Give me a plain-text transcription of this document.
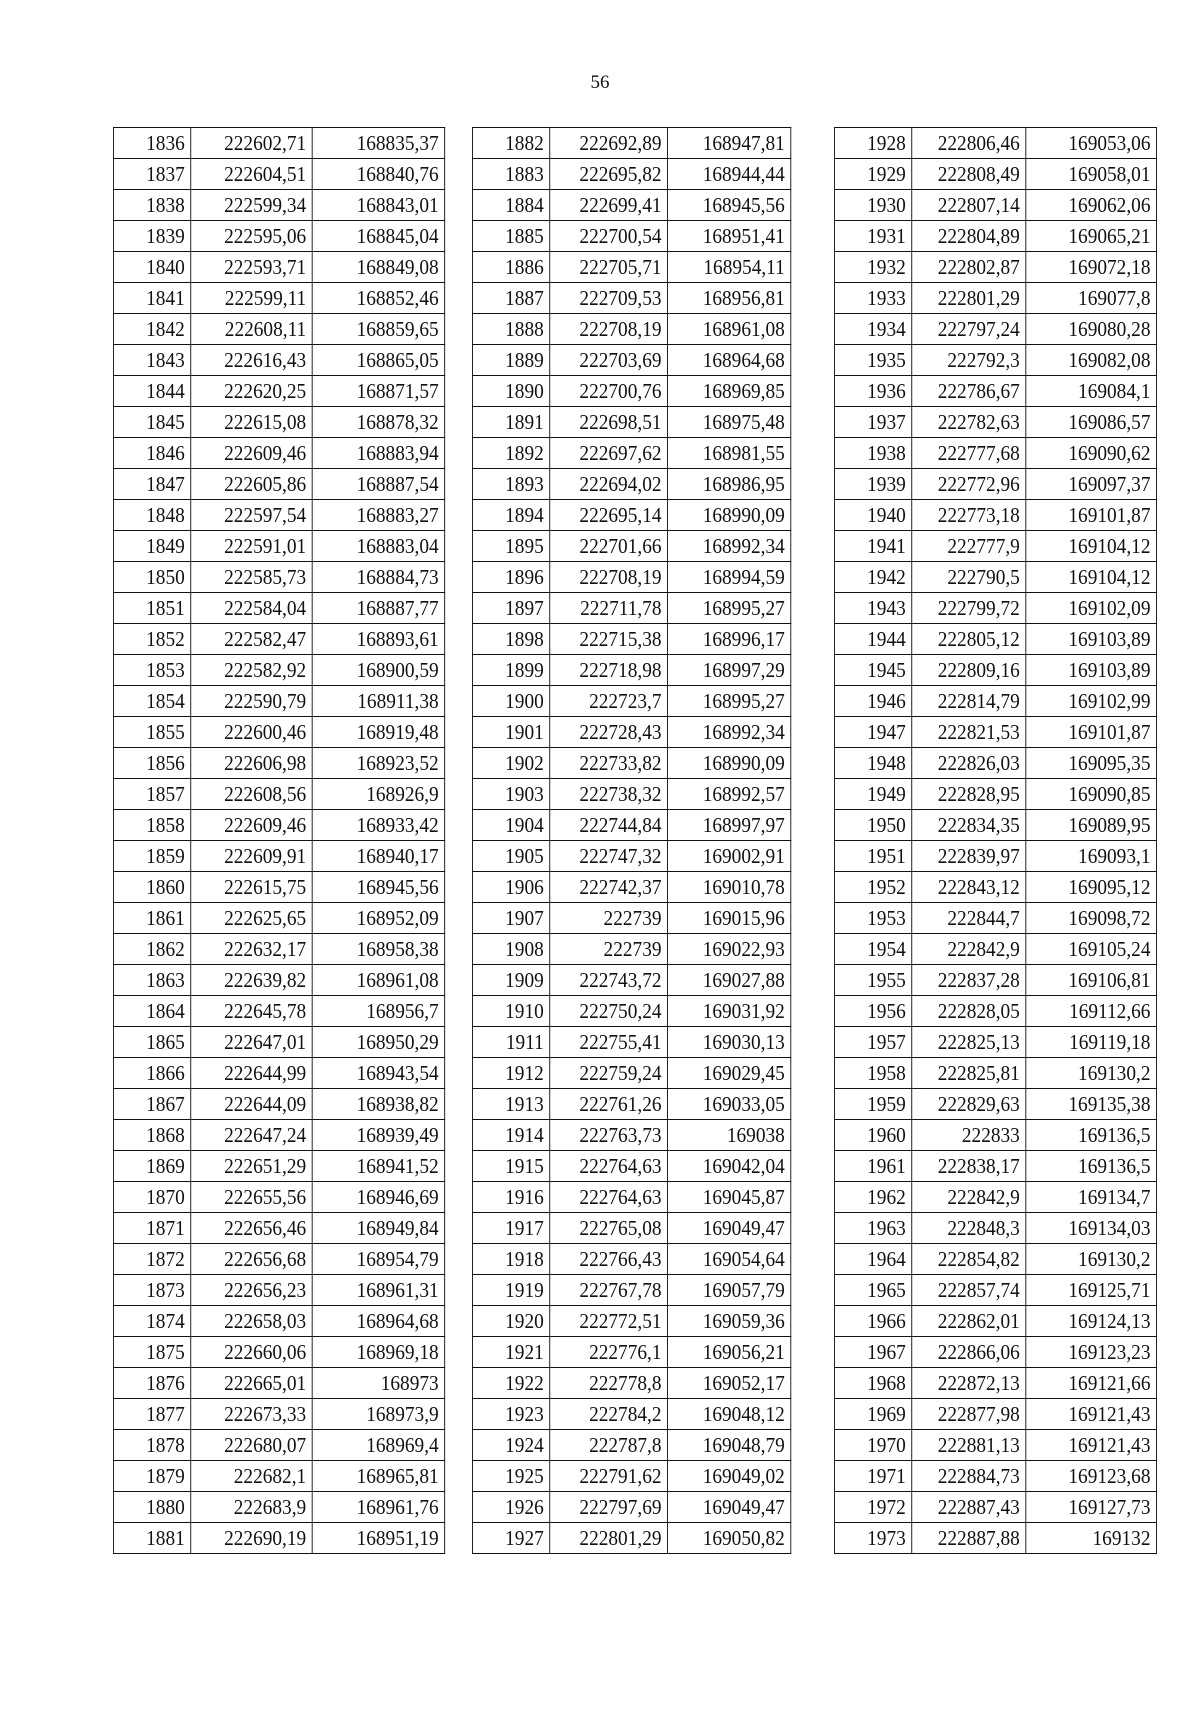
56
1836	222602,71	168835,37
1837	222604,51	168840,76
1838	222599,34	168843,01
1839	222595,06	168845,04
1840	222593,71	168849,08
1841	222599,11	168852,46
1842	222608,11	168859,65
1843	222616,43	168865,05
1844	222620,25	168871,57
1845	222615,08	168878,32
1846	222609,46	168883,94
1847	222605,86	168887,54
1848	222597,54	168883,27
1849	222591,01	168883,04
1850	222585,73	168884,73
1851	222584,04	168887,77
1852	222582,47	168893,61
1853	222582,92	168900,59
1854	222590,79	168911,38
1855	222600,46	168919,48
1856	222606,98	168923,52
1857	222608,56	168926,9
1858	222609,46	168933,42
1859	222609,91	168940,17
1860	222615,75	168945,56
1861	222625,65	168952,09
1862	222632,17	168958,38
1863	222639,82	168961,08
1864	222645,78	168956,7
1865	222647,01	168950,29
1866	222644,99	168943,54
1867	222644,09	168938,82
1868	222647,24	168939,49
1869	222651,29	168941,52
1870	222655,56	168946,69
1871	222656,46	168949,84
1872	222656,68	168954,79
1873	222656,23	168961,31
1874	222658,03	168964,68
1875	222660,06	168969,18
1876	222665,01	168973
1877	222673,33	168973,9
1878	222680,07	168969,4
1879	222682,1	168965,81
1880	222683,9	168961,76
1881	222690,19	168951,19
1882	222692,89	168947,81
1883	222695,82	168944,44
1884	222699,41	168945,56
1885	222700,54	168951,41
1886	222705,71	168954,11
1887	222709,53	168956,81
1888	222708,19	168961,08
1889	222703,69	168964,68
1890	222700,76	168969,85
1891	222698,51	168975,48
1892	222697,62	168981,55
1893	222694,02	168986,95
1894	222695,14	168990,09
1895	222701,66	168992,34
1896	222708,19	168994,59
1897	222711,78	168995,27
1898	222715,38	168996,17
1899	222718,98	168997,29
1900	222723,7	168995,27
1901	222728,43	168992,34
1902	222733,82	168990,09
1903	222738,32	168992,57
1904	222744,84	168997,97
1905	222747,32	169002,91
1906	222742,37	169010,78
1907	222739	169015,96
1908	222739	169022,93
1909	222743,72	169027,88
1910	222750,24	169031,92
1911	222755,41	169030,13
1912	222759,24	169029,45
1913	222761,26	169033,05
1914	222763,73	169038
1915	222764,63	169042,04
1916	222764,63	169045,87
1917	222765,08	169049,47
1918	222766,43	169054,64
1919	222767,78	169057,79
1920	222772,51	169059,36
1921	222776,1	169056,21
1922	222778,8	169052,17
1923	222784,2	169048,12
1924	222787,8	169048,79
1925	222791,62	169049,02
1926	222797,69	169049,47
1927	222801,29	169050,82
1928	222806,46	169053,06
1929	222808,49	169058,01
1930	222807,14	169062,06
1931	222804,89	169065,21
1932	222802,87	169072,18
1933	222801,29	169077,8
1934	222797,24	169080,28
1935	222792,3	169082,08
1936	222786,67	169084,1
1937	222782,63	169086,57
1938	222777,68	169090,62
1939	222772,96	169097,37
1940	222773,18	169101,87
1941	222777,9	169104,12
1942	222790,5	169104,12
1943	222799,72	169102,09
1944	222805,12	169103,89
1945	222809,16	169103,89
1946	222814,79	169102,99
1947	222821,53	169101,87
1948	222826,03	169095,35
1949	222828,95	169090,85
1950	222834,35	169089,95
1951	222839,97	169093,1
1952	222843,12	169095,12
1953	222844,7	169098,72
1954	222842,9	169105,24
1955	222837,28	169106,81
1956	222828,05	169112,66
1957	222825,13	169119,18
1958	222825,81	169130,2
1959	222829,63	169135,38
1960	222833	169136,5
1961	222838,17	169136,5
1962	222842,9	169134,7
1963	222848,3	169134,03
1964	222854,82	169130,2
1965	222857,74	169125,71
1966	222862,01	169124,13
1967	222866,06	169123,23
1968	222872,13	169121,66
1969	222877,98	169121,43
1970	222881,13	169121,43
1971	222884,73	169123,68
1972	222887,43	169127,73
1973	222887,88	169132
